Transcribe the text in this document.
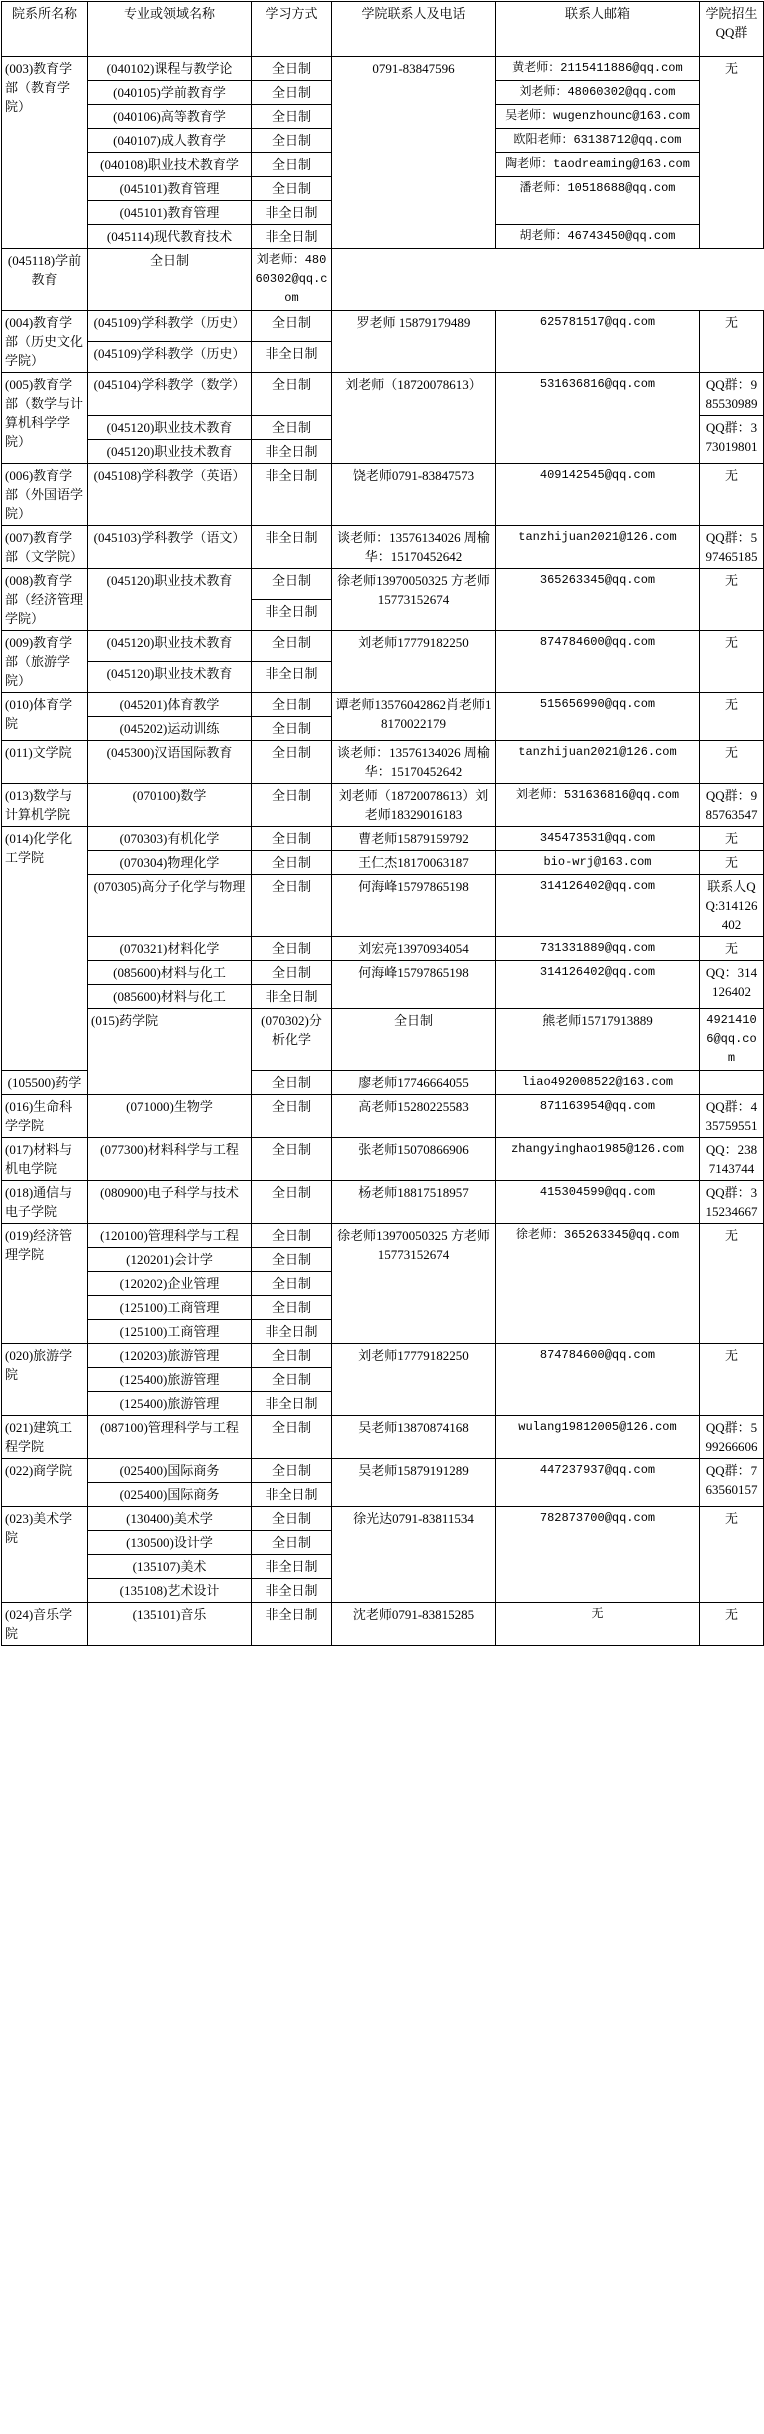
院系所名称	专业或领域名称	学习方式	学院联系人及电话	联系人邮箱	学院招生QQ群	
(003)教育学部（教育学院）	(040102)课程与教学论	全日制	0791-83847596	黄老师：2115411886@qq.com	无	
	(040105)学前教育学	全日制		刘老师：48060302@qq.com		
	(040106)高等教育学	全日制		吴老师：wugenzhounc@163.com		
	(040107)成人教育学	全日制		欧阳老师：63138712@qq.com		
	(040108)职业技术教育学	全日制		陶老师：taodreaming@163.com		
	(045101)教育管理	全日制		潘老师：10518688@qq.com		
	(045101)教育管理	非全日制				
	(045114)现代教育技术	非全日制		胡老师：46743450@qq.com		
(045118)学前教育	全日制	刘老师：48060302@qq.com				
(004)教育学部（历史文化学院）	(045109)学科教学（历史）	全日制	罗老师 15879179489	625781517@qq.com	无	
	(045109)学科教学（历史）	非全日制				
(005)教育学部（数学与计算机科学学院）	(045104)学科教学（数学）	全日制	刘老师（18720078613）	531636816@qq.com	QQ群：985530989	
	(045120)职业技术教育	全日制			QQ群：373019801	
	(045120)职业技术教育	非全日制				
(006)教育学部（外国语学院）	(045108)学科教学（英语）	非全日制	饶老师0791-83847573	409142545@qq.com	无	
(007)教育学部（文学院）	(045103)学科教学（语文）	非全日制	谈老师：13576134026 周榆华：15170452642	tanzhijuan2021@126.com	QQ群：597465185	
(008)教育学部（经济管理学院）	(045120)职业技术教育	全日制	徐老师13970050325 方老师15773152674	365263345@qq.com	无	
		非全日制				
(009)教育学部（旅游学院）	(045120)职业技术教育	全日制	刘老师17779182250	874784600@qq.com	无	
	(045120)职业技术教育	非全日制				
(010)体育学院	(045201)体育教学	全日制	谭老师13576042862肖老师18170022179	515656990@qq.com	无	
	(045202)运动训练	全日制				
(011)文学院	(045300)汉语国际教育	全日制	谈老师：13576134026 周榆华：15170452642	tanzhijuan2021@126.com	无	
(013)数学与计算机学院	(070100)数学	全日制	刘老师（18720078613）刘老师18329016183	刘老师：531636816@qq.com	QQ群：985763547	
(014)化学化工学院	(070303)有机化学	全日制	曹老师15879159792	345473531@qq.com	无	
	(070304)物理化学	全日制	王仁杰18170063187	bio-wrj@163.com	无	
	(070305)高分子化学与物理	全日制	何海峰15797865198	314126402@qq.com	联系人QQ:314126402	
	(070321)材料化学	全日制	刘宏亮13970934054	731331889@qq.com	无	
	(085600)材料与化工	全日制	何海峰15797865198	314126402@qq.com	QQ：314126402	
	(085600)材料与化工	非全日制				
	(015)药学院	(070302)分析化学	全日制	熊老师15717913889	49214106@qq.com	
(105500)药学		全日制	廖老师17746664055	liao492008522@163.com		
(016)生命科学学院	(071000)生物学	全日制	高老师15280225583	871163954@qq.com	QQ群：435759551	
(017)材料与机电学院	(077300)材料科学与工程	全日制	张老师15070866906	zhangyinghao1985@126.com	QQ：2387143744	
(018)通信与电子学院	(080900)电子科学与技术	全日制	杨老师18817518957	415304599@qq.com	QQ群：315234667	
(019)经济管理学院	(120100)管理科学与工程	全日制	徐老师13970050325 方老师15773152674	徐老师：365263345@qq.com	无	
	(120201)会计学	全日制				
	(120202)企业管理	全日制				
	(125100)工商管理	全日制				
	(125100)工商管理	非全日制				
(020)旅游学院	(120203)旅游管理	全日制	刘老师17779182250	874784600@qq.com	无	
	(125400)旅游管理	全日制				
	(125400)旅游管理	非全日制				
(021)建筑工程学院	(087100)管理科学与工程	全日制	吴老师13870874168	wulang19812005@126.com	QQ群：599266606	
(022)商学院	(025400)国际商务	全日制	吴老师15879191289	447237937@qq.com	QQ群：763560157	
	(025400)国际商务	非全日制				
(023)美术学院	(130400)美术学	全日制	徐光达0791-83811534	782873700@qq.com	无	
	(130500)设计学	全日制				
	(135107)美术	非全日制				
	(135108)艺术设计	非全日制				
(024)音乐学院	(135101)音乐	非全日制	沈老师0791-83815285	无	无	
